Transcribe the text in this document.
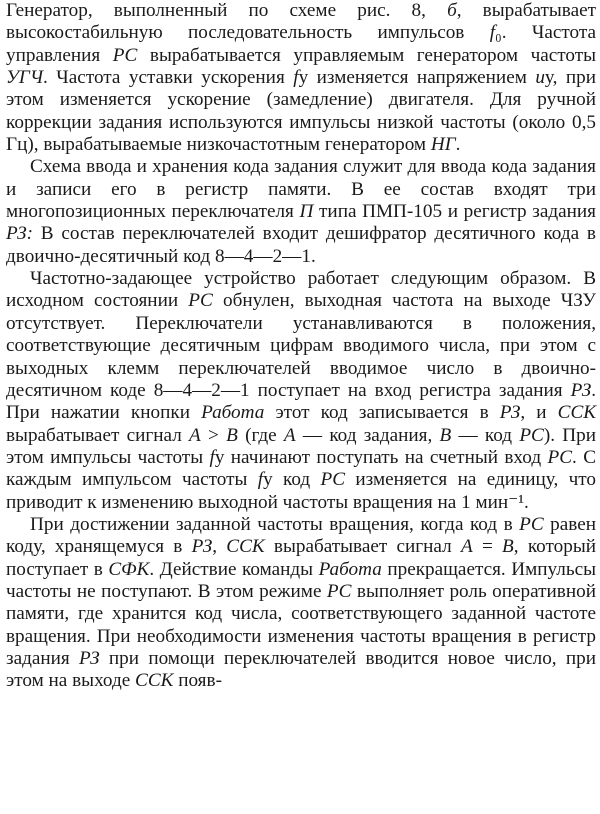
Генератор, выполненный по схеме рис. 8, б, вырабатывает высокостабильную последовательность импульсов f₀. Частота управления РС вырабатывается управляемым генератором частоты УГЧ. Частота уставки ускорения fу изменяется напряжением uу, при этом изменяется ускорение (замедление) двигателя. Для ручной коррекции задания используются импульсы низкой частоты (около 0,5 Гц), вырабатываемые низкочастотным генератором НГ.

Схема ввода и хранения кода задания служит для ввода кода задания и записи его в регистр памяти. В ее состав входят три многопозиционных переключателя П типа ПМП-105 и регистр задания РЗ: В состав переключателей входит дешифратор десятичного кода в двоично-десятичный код 8—4—2—1.

Частотно-задающее устройство работает следующим образом. В исходном состоянии РС обнулен, выходная частота на выходе ЧЗУ отсутствует. Переключатели устанавливаются в положения, соответствующие десятичным цифрам вводимого числа, при этом с выходных клемм переключателей вводимое число в двоично-десятичном коде 8—4—2—1 поступает на вход регистра задания РЗ. При нажатии кнопки Работа этот код записывается в РЗ, и ССК вырабатывает сигнал А > В (где А — код задания, В — код РС). При этом импульсы частоты fу начинают поступать на счетный вход РС. С каждым импульсом частоты fу код РС изменяется на единицу, что приводит к изменению выходной частоты вращения на 1 мин⁻¹.

При достижении заданной частоты вращения, когда код в РС равен коду, хранящемуся в РЗ, ССК вырабатывает сигнал А = В, который поступает в СФК. Действие команды Работа прекращается. Импульсы частоты не поступают. В этом режиме РС выполняет роль оперативной памяти, где хранится код числа, соответствующего заданной частоте вращения. При необходимости изменения частоты вращения в регистр задания РЗ при помощи переключателей вводится новое число, при этом на выходе ССК появ-
